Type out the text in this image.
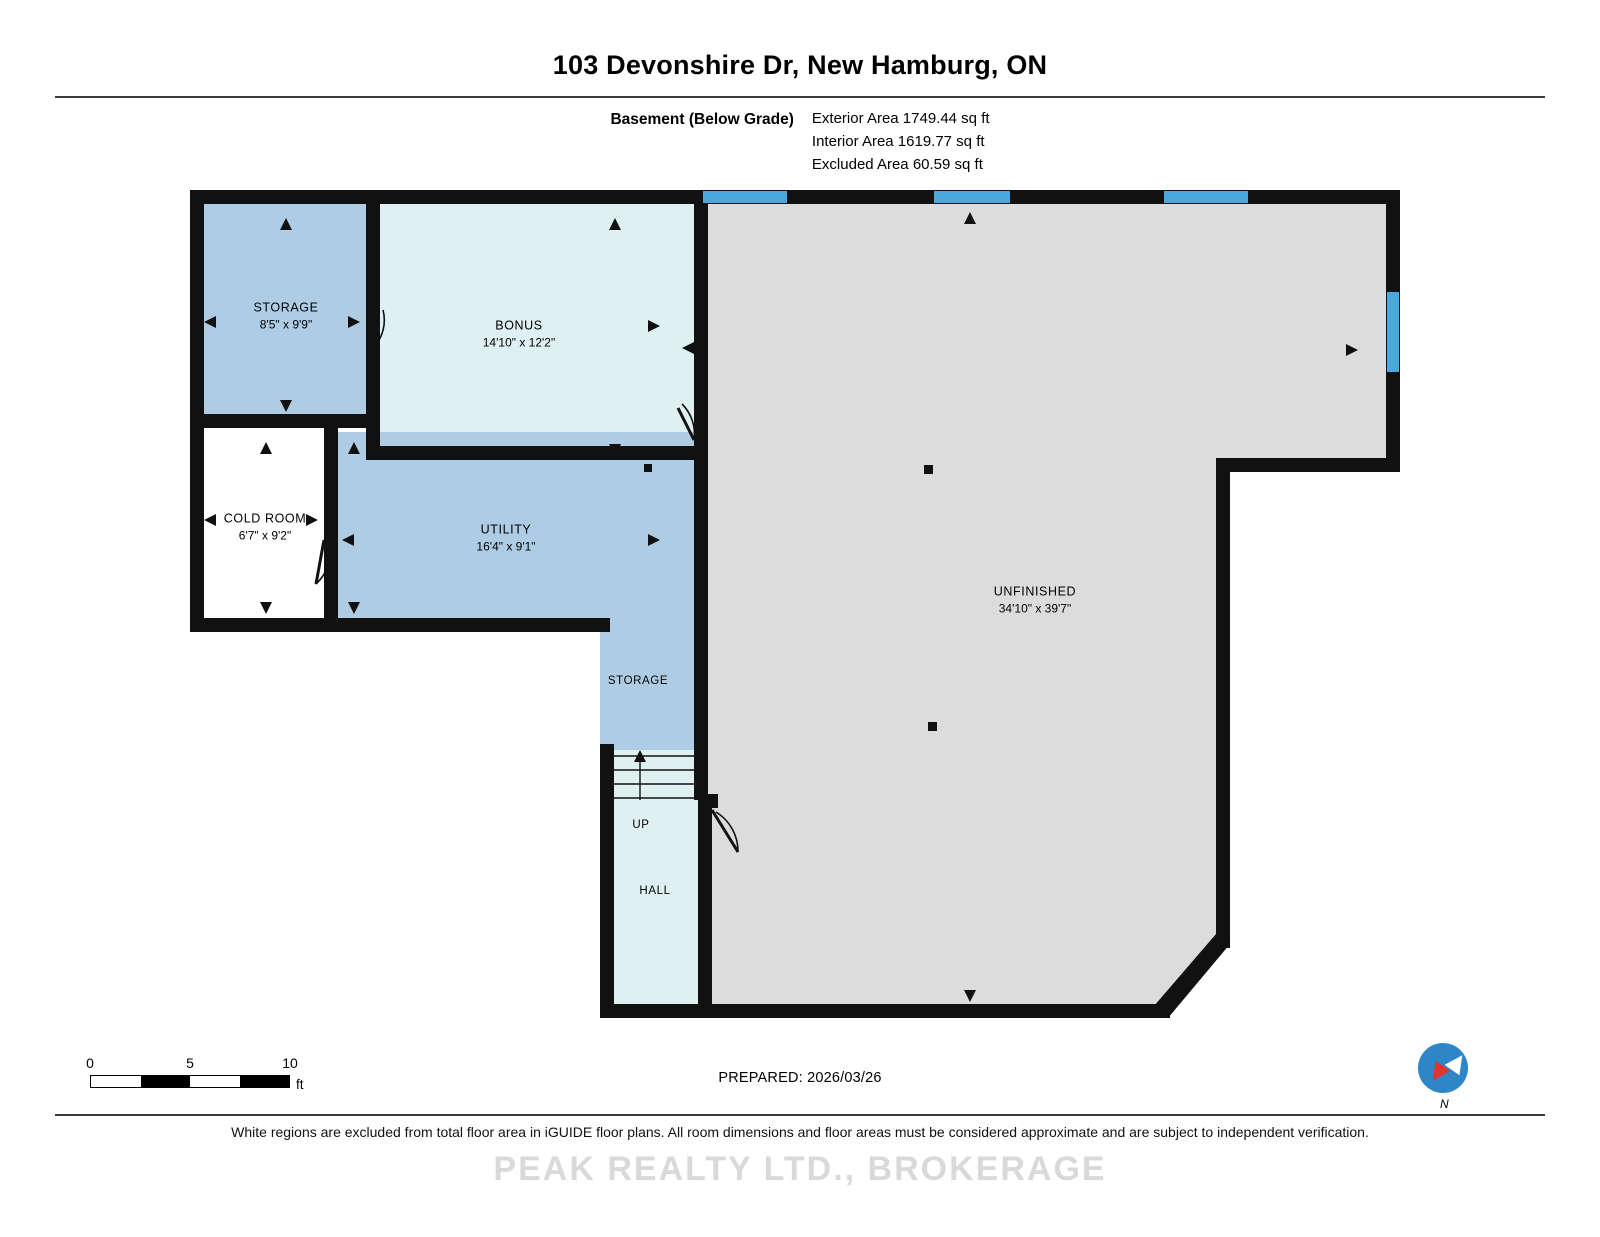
103 Devonshire Dr, New Hamburg, ON
Basement (Below Grade) Exterior Area 1749.44 sq ft
Interior Area 1619.77 sq ft
Excluded Area 60.59 sq ft
STORAGE
8'5" x 9'9"	BONUS
14'10" x 12'2"
COLD ROOM
6'7" x 9'2"	UTILITY
16'4" x 9'1"
STORAGE
UP
HALL
UNFINISHED
34'10" x 39'7"
0	5	10
ft
N
PREPARED: 2026/03/26
White regions are excluded from total floor area in iGUIDE floor plans. All room dimensions and floor areas must be considered approximate and are subject to independent verification.
PEAK REALTY LTD., BROKERAGE
